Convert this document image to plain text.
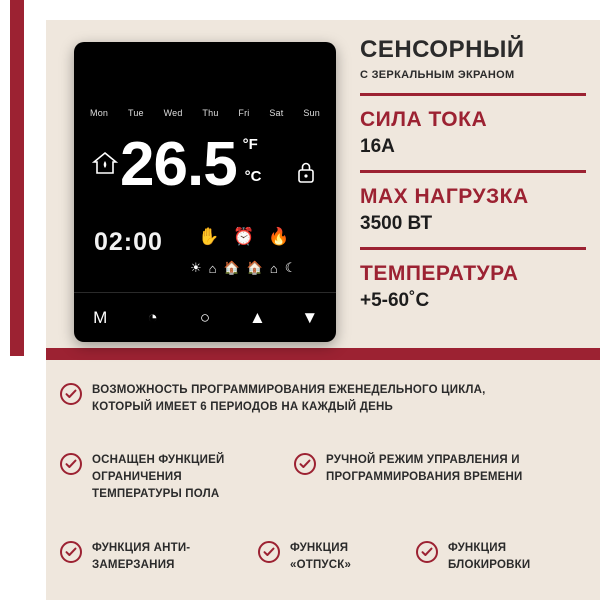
Mon Tue Wed Thu Fri Sat Sun
26.5 °F
°C
02:00 ✋ ⏰ 🔥
☀ ⌂ 🏠 🏠 ⌂ ☾
M	◔	○	▲	▼
СЕНСОРНЫЙ
С ЗЕРКАЛЬНЫМ ЭКРАНОМ
СИЛА ТОКА
16А
MAX НАГРУЗКА
3500 ВТ
ТЕМПЕРАТУРА
+5-60˚C
ВОЗМОЖНОСТЬ ПРОГРАММИРОВАНИЯ ЕЖЕНЕДЕЛЬНОГО ЦИКЛА, КОТОРЫЙ ИМЕЕТ 6 ПЕРИОДОВ НА КАЖДЫЙ ДЕНЬ
ОСНАЩЕН ФУНКЦИЕЙ ОГРАНИЧЕНИЯ ТЕМПЕРАТУРЫ ПОЛА
РУЧНОЙ РЕЖИМ УПРАВЛЕНИЯ И ПРОГРАММИРОВАНИЯ ВРЕМЕНИ
ФУНКЦИЯ АНТИ-ЗАМЕРЗАНИЯ
ФУНКЦИЯ «ОТПУСК»
ФУНКЦИЯ БЛОКИРОВКИ
